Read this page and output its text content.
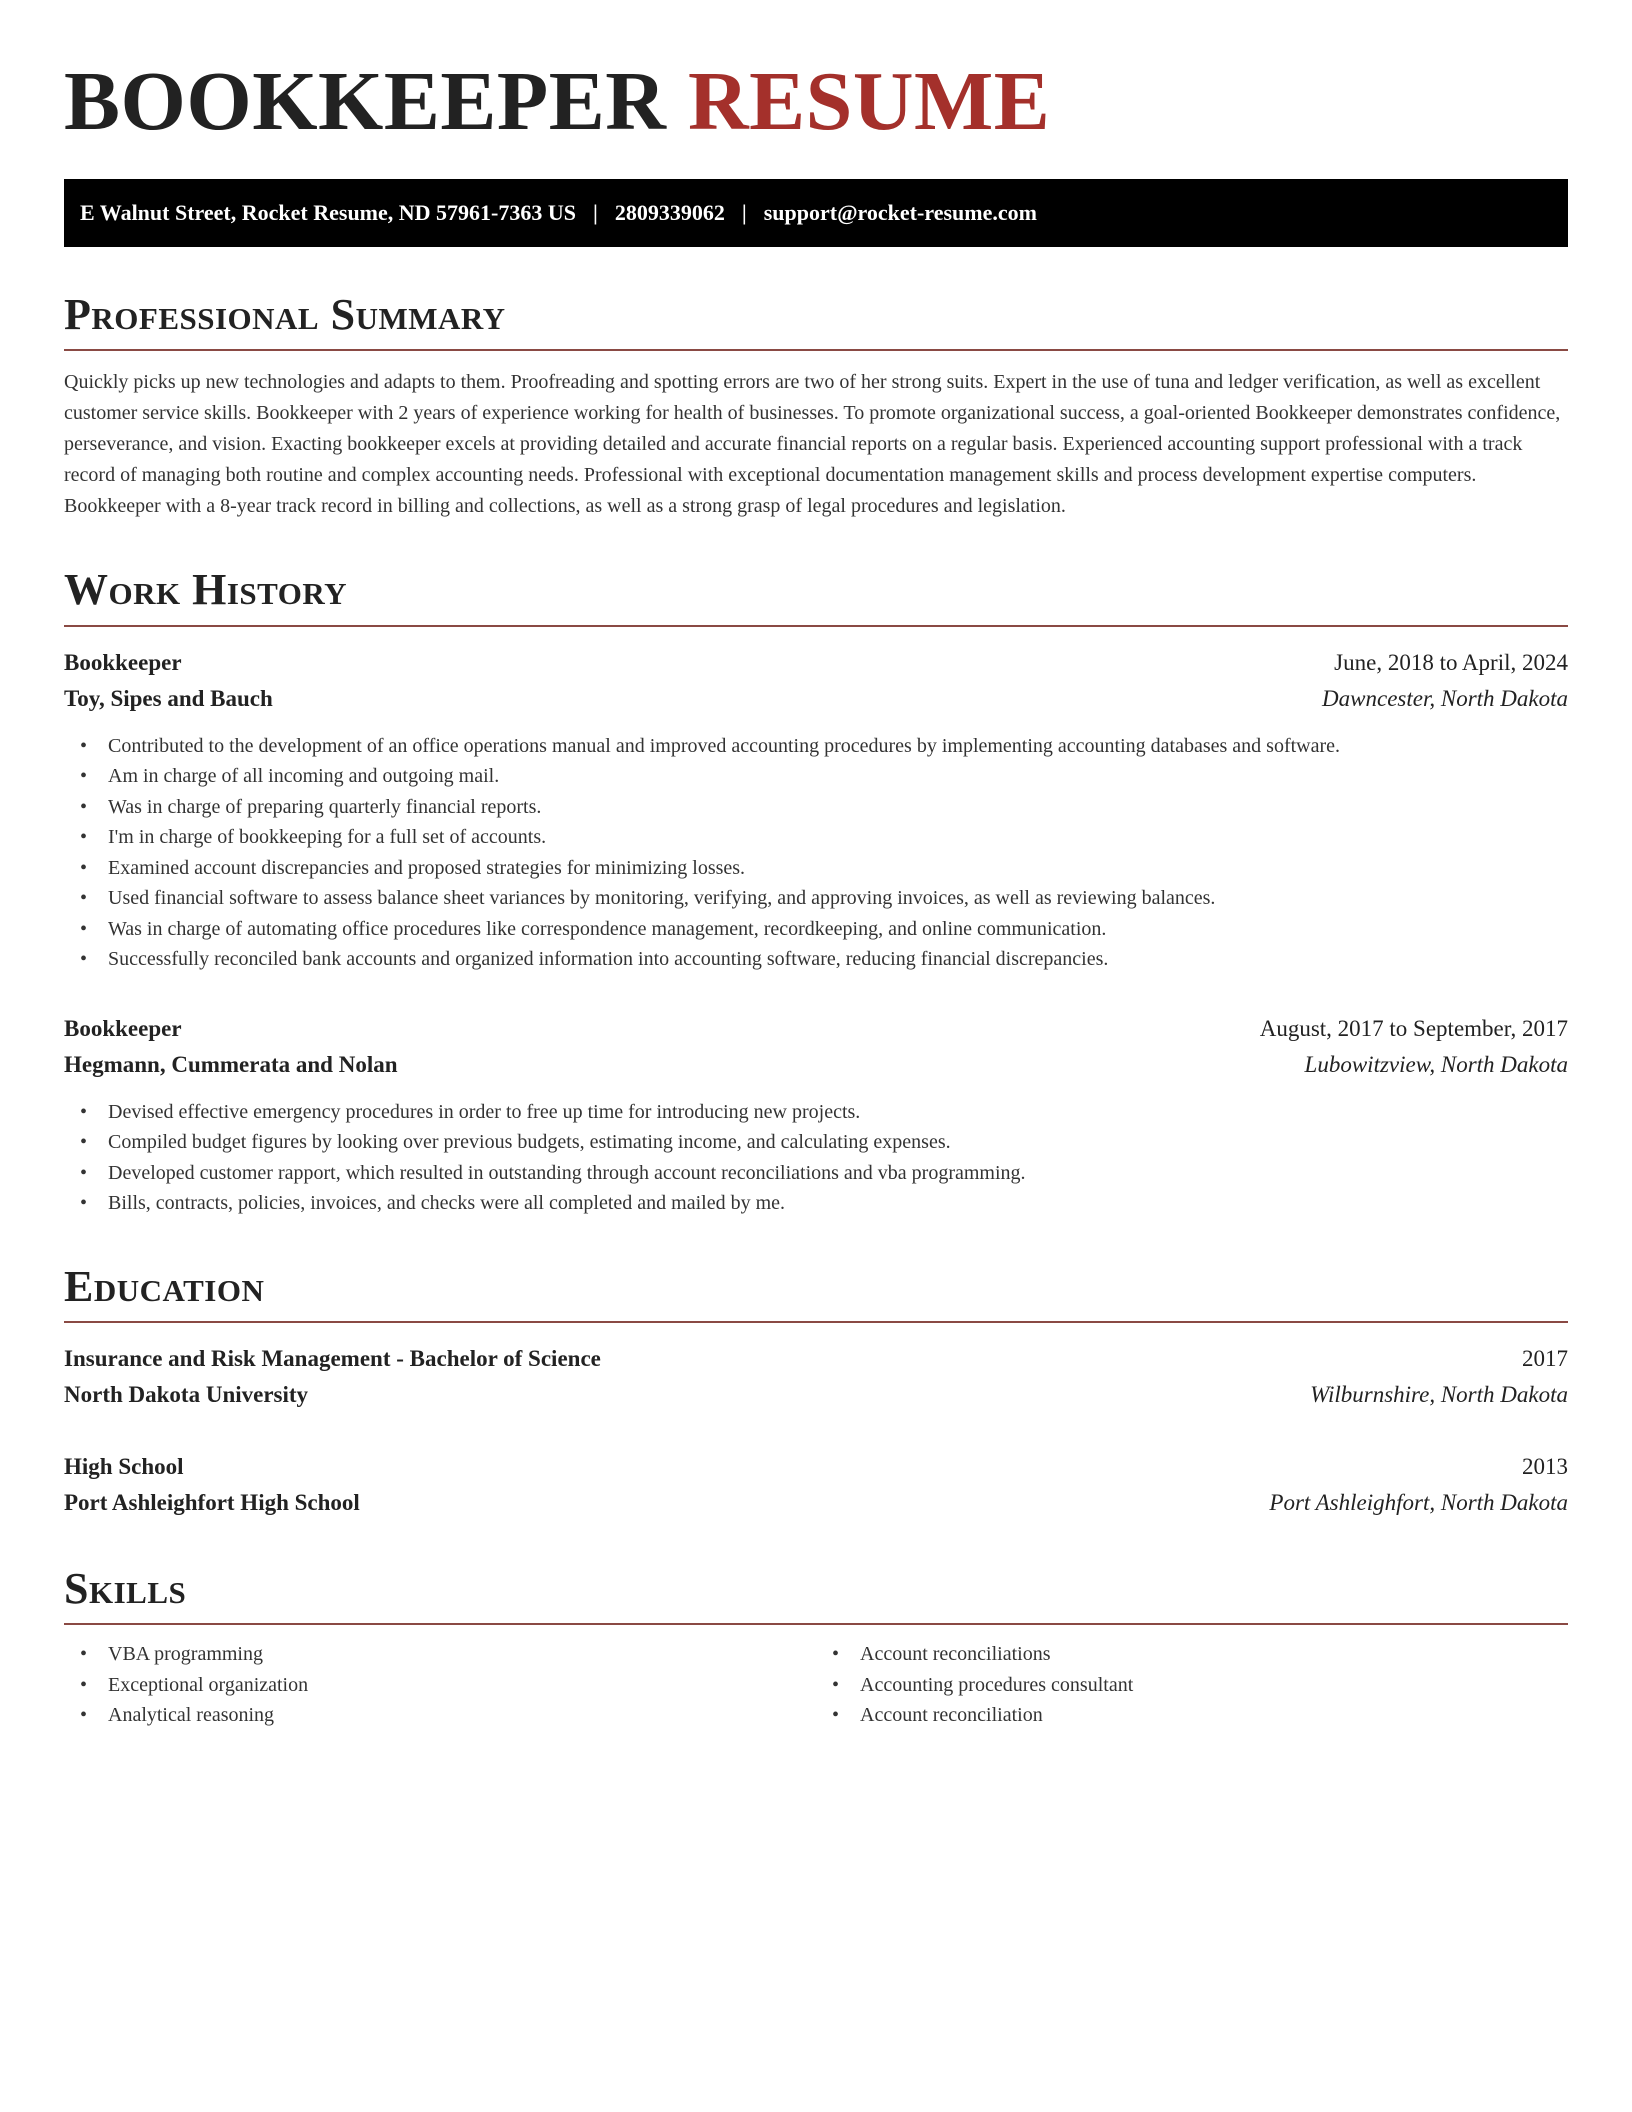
BOOKKEEPER RESUME
E Walnut Street, Rocket Resume, ND 57961-7363 US | 2809339062 | support@rocket-resume.com
Professional Summary

Quickly picks up new technologies and adapts to them. Proofreading and spotting errors are two of her strong suits. Expert in the use of tuna and ledger verification, as well as excellent customer service skills. Bookkeeper with 2 years of experience working for health of businesses. To promote organizational success, a goal-oriented Bookkeeper demonstrates confidence, perseverance, and vision. Exacting bookkeeper excels at providing detailed and accurate financial reports on a regular basis. Experienced accounting support professional with a track record of managing both routine and complex accounting needs. Professional with exceptional documentation management skills and process development expertise computers. Bookkeeper with a 8-year track record in billing and collections, as well as a strong grasp of legal procedures and legislation.

Work History
Bookkeeper	June, 2018 to April, 2024
Toy, Sipes and Bauch	Dawncester, North Dakota
• Contributed to the development of an office operations manual and improved accounting procedures by implementing accounting databases and software.
• Am in charge of all incoming and outgoing mail.
• Was in charge of preparing quarterly financial reports.
• I'm in charge of bookkeeping for a full set of accounts.
• Examined account discrepancies and proposed strategies for minimizing losses.
• Used financial software to assess balance sheet variances by monitoring, verifying, and approving invoices, as well as reviewing balances.
• Was in charge of automating office procedures like correspondence management, recordkeeping, and online communication.
• Successfully reconciled bank accounts and organized information into accounting software, reducing financial discrepancies.
Bookkeeper	August, 2017 to September, 2017
Hegmann, Cummerata and Nolan	Lubowitzview, North Dakota
• Devised effective emergency procedures in order to free up time for introducing new projects.
• Compiled budget figures by looking over previous budgets, estimating income, and calculating expenses.
• Developed customer rapport, which resulted in outstanding through account reconciliations and vba programming.
• Bills, contracts, policies, invoices, and checks were all completed and mailed by me.
Education
Insurance and Risk Management - Bachelor of Science	2017
North Dakota University	Wilburnshire, North Dakota
High School	2013
Port Ashleighfort High School	Port Ashleighfort, North Dakota
Skills
• VBA programming
• Exceptional organization
• Analytical reasoning
• Account reconciliations
• Accounting procedures consultant
• Account reconciliation
